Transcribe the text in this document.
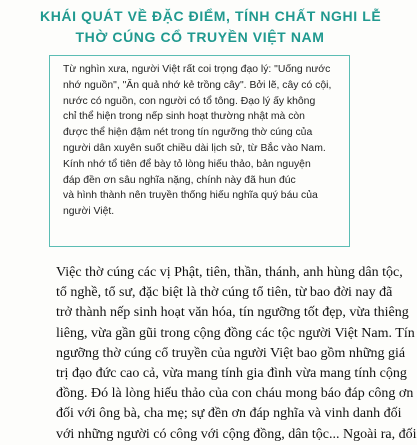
KHÁI QUÁT VỀ ĐẶC ĐIỂM, TÍNH CHẤT NGHI LỄ
THỜ CÚNG CỔ TRUYỀN VIỆT NAM
Từ nghìn xưa, người Việt rất coi trọng đạo lý: "Uống nước
nhớ nguồn", "Ăn quả nhớ kẻ trồng cây". Bởi lẽ, cây có cội,
nước có nguồn, con người có tổ tông. Đạo lý ấy không
chỉ thể hiện trong nếp sinh hoạt thường nhật mà còn
được thể hiện đậm nét trong tín ngưỡng thờ cúng của
người dân xuyên suốt chiều dài lịch sử, từ Bắc vào Nam.
Kính nhớ tổ tiên để bày tỏ lòng hiếu thảo, bản nguyện
đáp đền ơn sâu nghĩa nặng, chính này đã hun đúc
và hình thành nên truyền thống hiếu nghĩa quý báu của
người Việt.
Việc thờ cúng các vị Phật, tiên, thần, thánh, anh hùng dân tộc,
tổ nghề, tổ sư, đặc biệt là thờ cúng tổ tiên, từ bao đời nay đã
trở thành nếp sinh hoạt văn hóa, tín ngưỡng tốt đẹp, vừa thiêng
liêng, vừa gần gũi trong cộng đồng các tộc người Việt Nam. Tín
ngưỡng thờ cúng cổ truyền của người Việt bao gồm những giá
trị đạo đức cao cả, vừa mang tính gia đình vừa mang tính cộng
đồng. Đó là lòng hiếu thảo của con cháu mong báo đáp công ơn
đối với ông bà, cha mẹ; sự đền ơn đáp nghĩa và vinh danh đối
với những người có công với cộng đồng, dân tộc... Ngoài ra, đối
